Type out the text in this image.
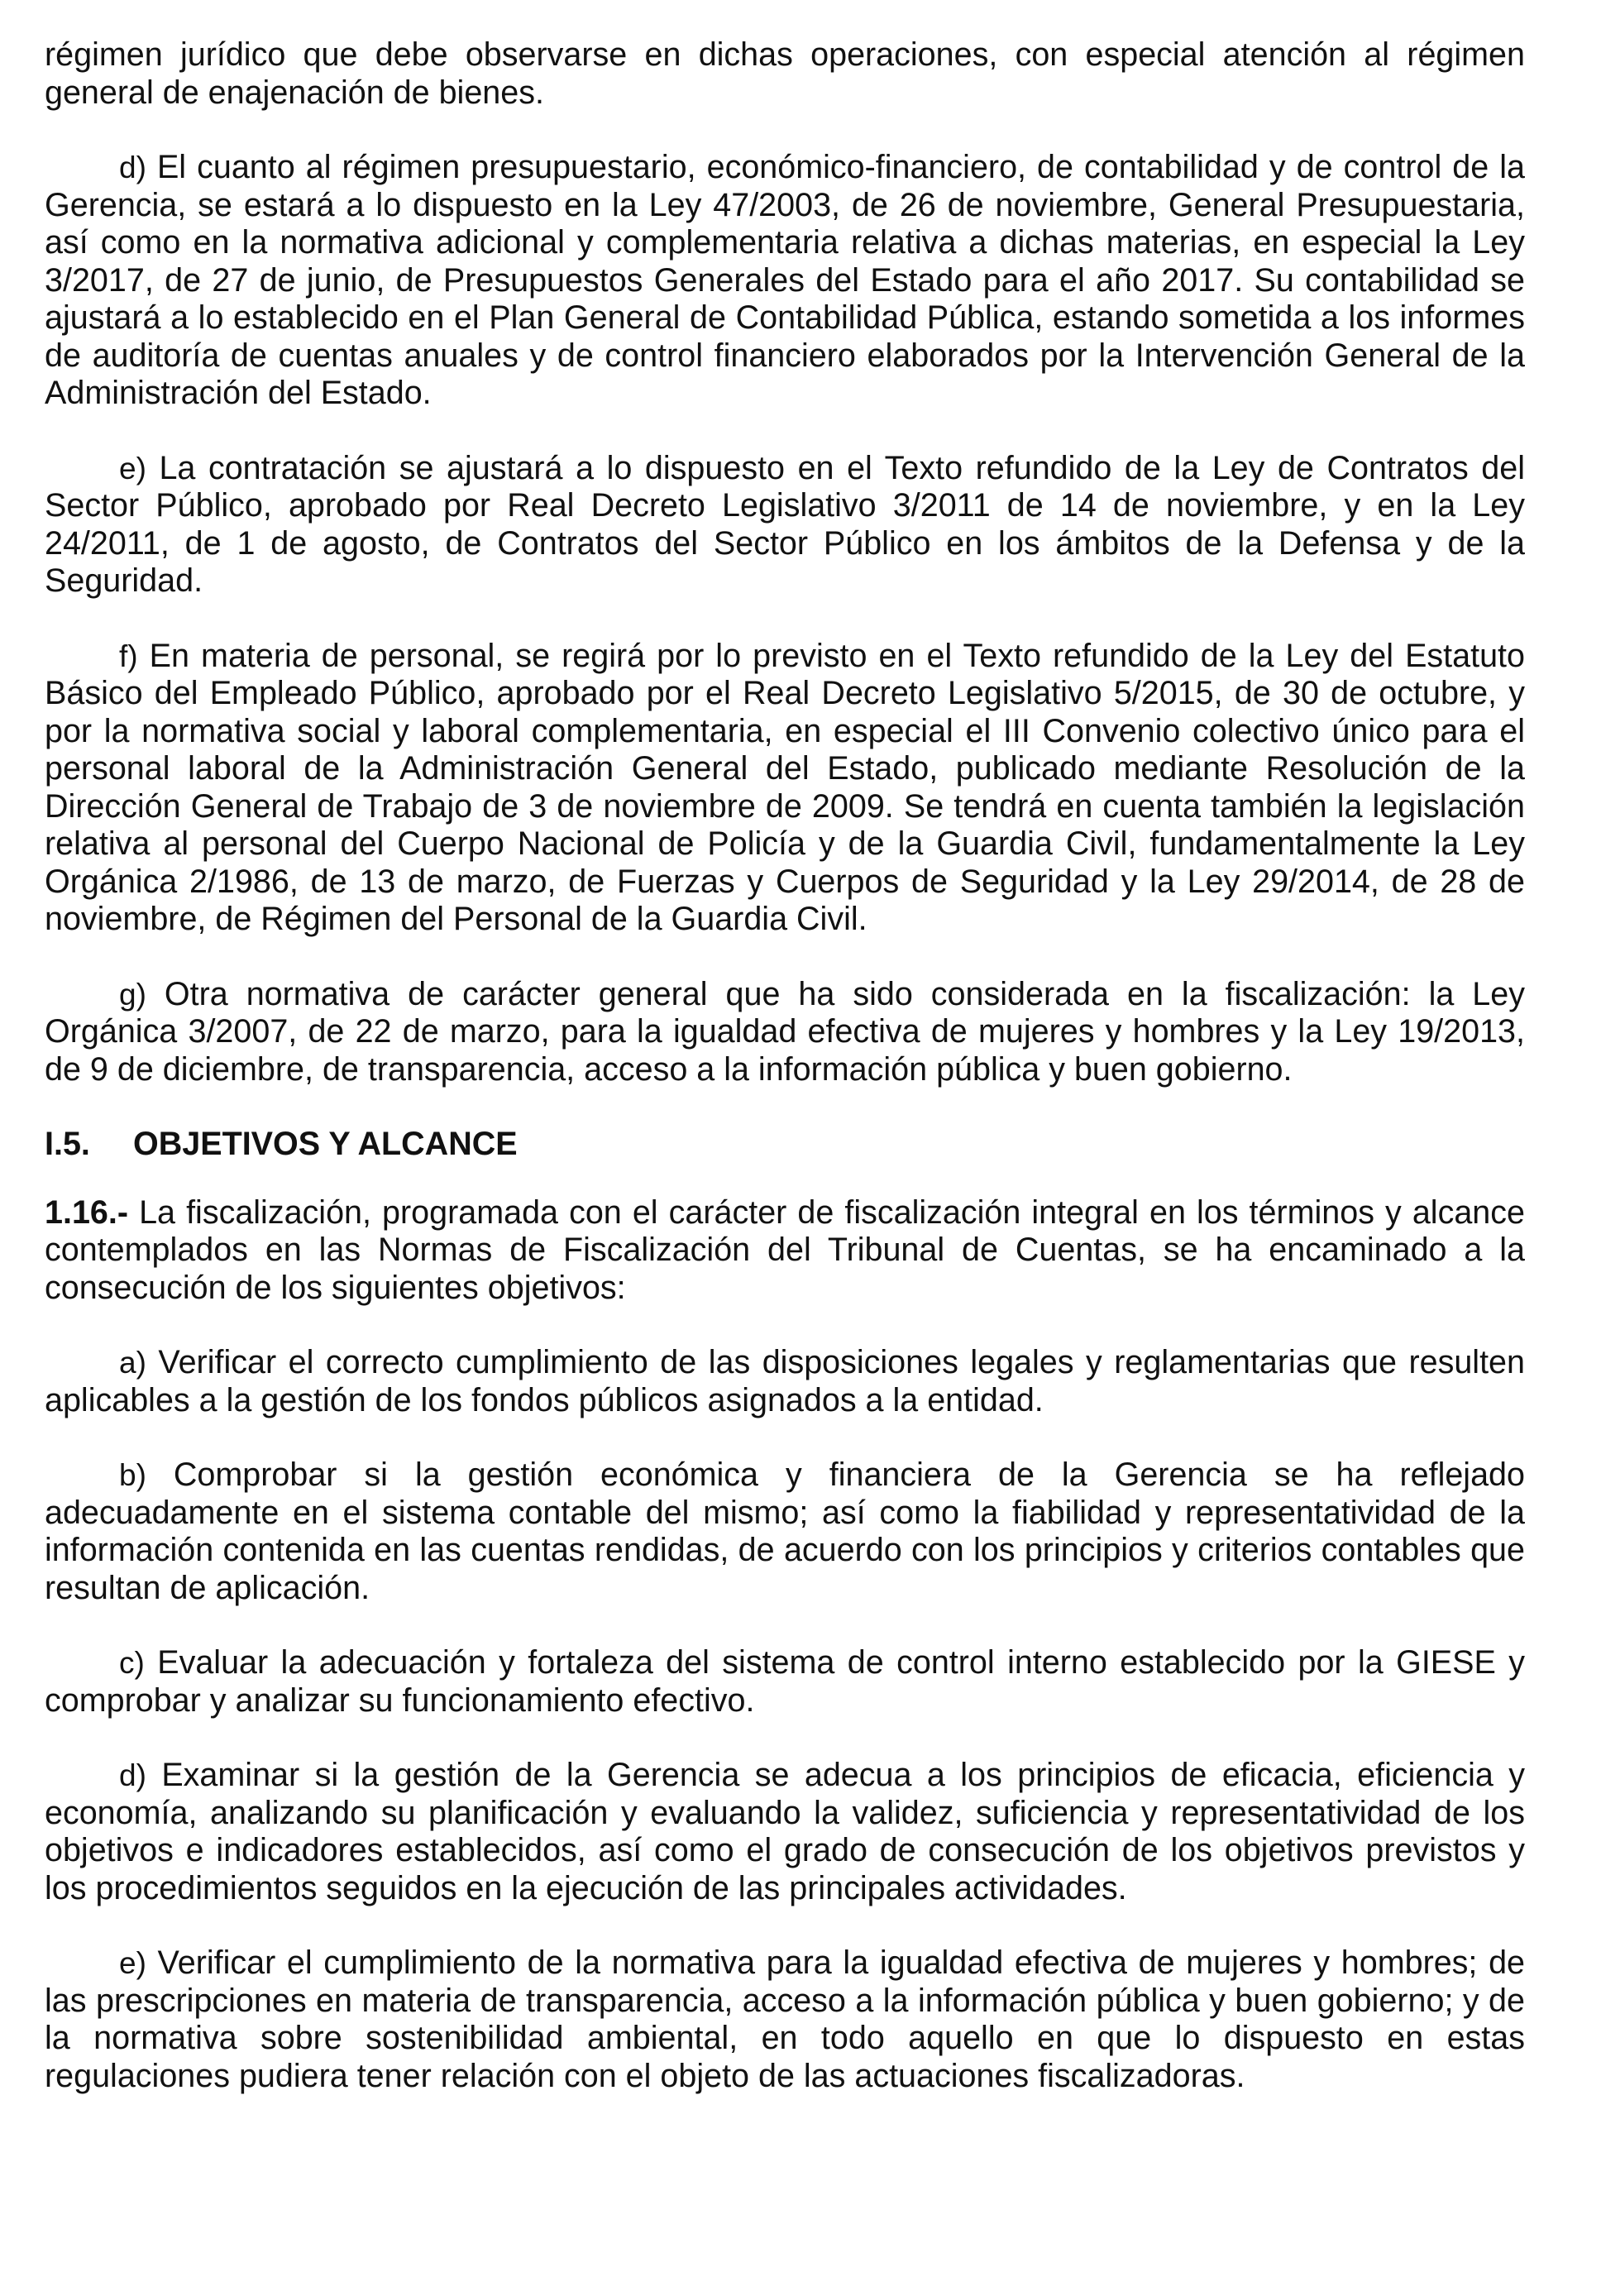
régimen jurídico que debe observarse en dichas operaciones, con especial atención al régimen general de enajenación de bienes.

d) El cuanto al régimen presupuestario, económico-financiero, de contabilidad y de control de la Gerencia, se estará a lo dispuesto en la Ley 47/2003, de 26 de noviembre, General Presupuestaria, así como en la normativa adicional y complementaria relativa a dichas materias, en especial la Ley 3/2017, de 27 de junio, de Presupuestos Generales del Estado para el año 2017. Su contabilidad se ajustará a lo establecido en el Plan General de Contabilidad Pública, estando sometida a los informes de auditoría de cuentas anuales y de control financiero elaborados por la Intervención General de la Administración del Estado.

e) La contratación se ajustará a lo dispuesto en el Texto refundido de la Ley de Contratos del Sector Público, aprobado por Real Decreto Legislativo 3/2011 de 14 de noviembre, y en la Ley 24/2011, de 1 de agosto, de Contratos del Sector Público en los ámbitos de la Defensa y de la Seguridad.

f) En materia de personal, se regirá por lo previsto en el Texto refundido de la Ley del Estatuto Básico del Empleado Público, aprobado por el Real Decreto Legislativo 5/2015, de 30 de octubre, y por la normativa social y laboral complementaria, en especial el III Convenio colectivo único para el personal laboral de la Administración General del Estado, publicado mediante Resolución de la Dirección General de Trabajo de 3 de noviembre de 2009. Se tendrá en cuenta también la legislación relativa al personal del Cuerpo Nacional de Policía y de la Guardia Civil, fundamentalmente la Ley Orgánica 2/1986, de 13 de marzo, de Fuerzas y Cuerpos de Seguridad y la Ley 29/2014, de 28 de noviembre, de Régimen del Personal de la Guardia Civil.

g) Otra normativa de carácter general que ha sido considerada en la fiscalización: la Ley Orgánica 3/2007, de 22 de marzo, para la igualdad efectiva de mujeres y hombres y la Ley 19/2013, de 9 de diciembre, de transparencia, acceso a la información pública y buen gobierno.

I.5.	OBJETIVOS Y ALCANCE

1.16.- La fiscalización, programada con el carácter de fiscalización integral en los términos y alcance contemplados en las Normas de Fiscalización del Tribunal de Cuentas, se ha encaminado a la consecución de los siguientes objetivos:

a) Verificar el correcto cumplimiento de las disposiciones legales y reglamentarias que resulten aplicables a la gestión de los fondos públicos asignados a la entidad.

b) Comprobar si la gestión económica y financiera de la Gerencia se ha reflejado adecuadamente en el sistema contable del mismo; así como la fiabilidad y representatividad de la información contenida en las cuentas rendidas, de acuerdo con los principios y criterios contables que resultan de aplicación.

c) Evaluar la adecuación y fortaleza del sistema de control interno establecido por la GIESE y comprobar y analizar su funcionamiento efectivo.

d) Examinar si la gestión de la Gerencia se adecua a los principios de eficacia, eficiencia y economía, analizando su planificación y evaluando la validez, suficiencia y representatividad de los objetivos e indicadores establecidos, así como el grado de consecución de los objetivos previstos y los procedimientos seguidos en la ejecución de las principales actividades.

e) Verificar el cumplimiento de la normativa para la igualdad efectiva de mujeres y hombres; de las prescripciones en materia de transparencia, acceso a la información pública y buen gobierno; y de la normativa sobre sostenibilidad ambiental, en todo aquello en que lo dispuesto en estas regulaciones pudiera tener relación con el objeto de las actuaciones fiscalizadoras.
